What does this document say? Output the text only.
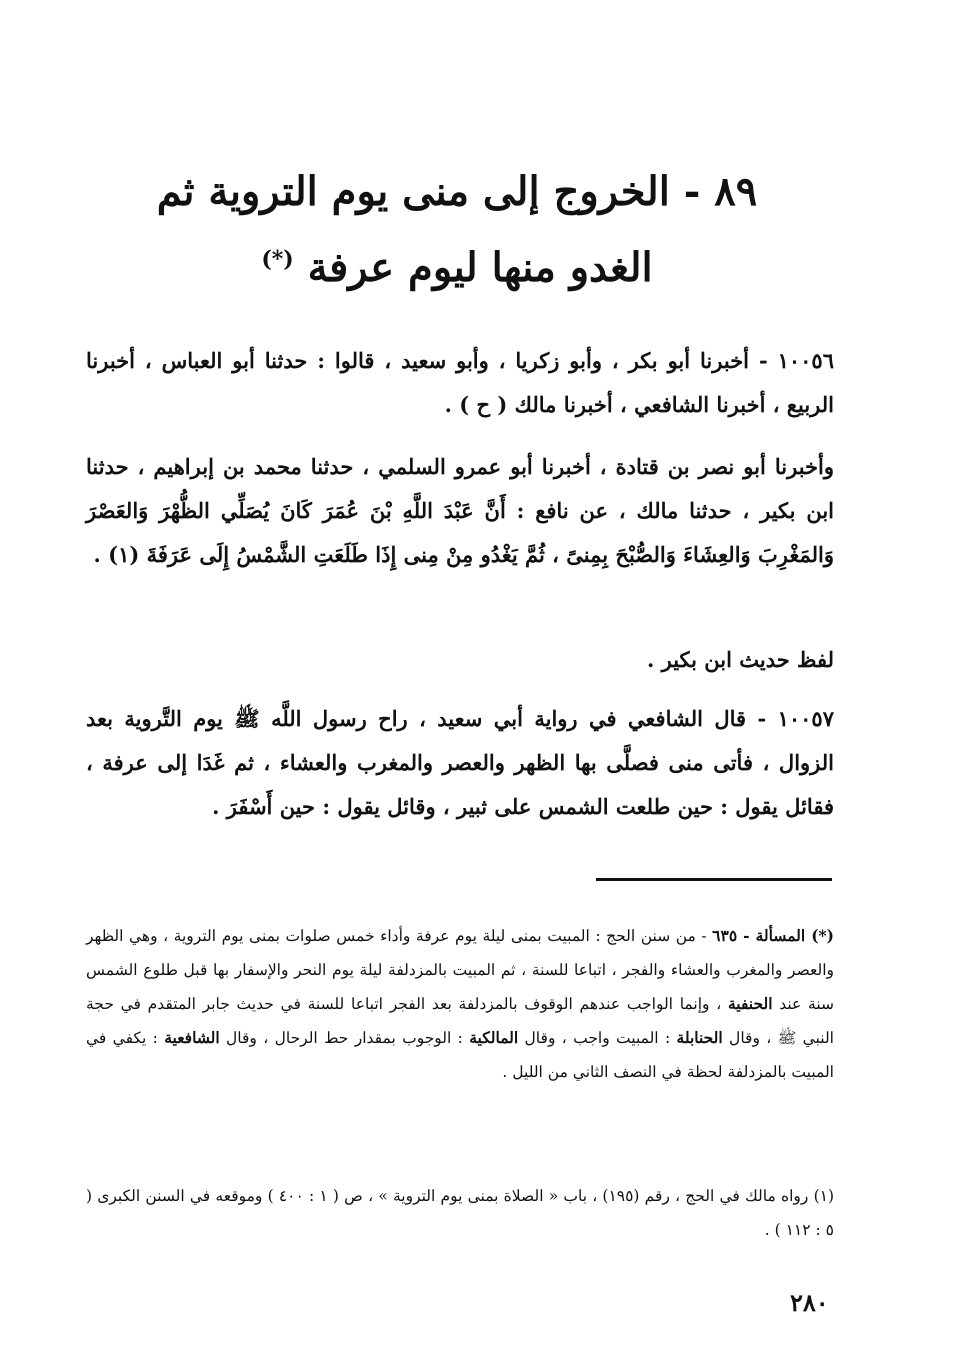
٨٩ - الخروج إلى منى يوم التروية ثم
الغدو منها ليوم عرفة (*)

١٠٠٥٦ - أخبرنا أبو بكر ، وأبو زكريا ، وأبو سعيد ، قالوا : حدثنا أبو العباس ، أخبرنا الربيع ، أخبرنا الشافعي ، أخبرنا مالك ( ح ) .

وأخبرنا أبو نصر بن قتادة ، أخبرنا أبو عمرو السلمي ، حدثنا محمد بن إبراهيم ، حدثنا ابن بكير ، حدثنا مالك ، عن نافع : أَنَّ عَبْدَ اللَّهِ بْنَ عُمَرَ كَانَ يُصَلِّي الظُّهْرَ وَالعَصْرَ وَالمَغْرِبَ وَالعِشَاءَ وَالصُّبْحَ بِمِنىً ، ثُمَّ يَغْدُو مِنْ مِنى إِذَا طَلَعَتِ الشَّمْسُ إِلَى عَرَفَةَ (١) .

لفظ حديث ابن بكير .

١٠٠٥٧ - قال الشافعي في رواية أبي سعيد ، راح رسول اللَّه ﷺ يوم التَّروية بعد الزوال ، فأتى منى فصلَّى بها الظهر والعصر والمغرب والعشاء ، ثم غَدَا إلى عرفة ، فقائل يقول : حين طلعت الشمس على ثبير ، وقائل يقول : حين أَسْفَرَ .

(*) المسألة - ٦٣٥ - من سنن الحج : المبيت بمنى ليلة يوم عرفة وأداء خمس صلوات بمنى يوم التروية ، وهي الظهر والعصر والمغرب والعشاء والفجر ، اتباعا للسنة ، ثم المبيت بالمزدلفة ليلة يوم النحر والإسفار بها قبل طلوع الشمس سنة عند الحنفية ، وإنما الواجب عندهم الوقوف بالمزدلفة بعد الفجر اتباعا للسنة في حديث جابر المتقدم في حجة النبي ﷺ ، وقال الحنابلة : المبيت واجب ، وقال المالكية : الوجوب بمقدار حط الرحال ، وقال الشافعية : يكفي في المبيت بالمزدلفة لحظة في النصف الثاني من الليل .

(١) رواه مالك في الحج ، رقم (١٩٥) ، باب « الصلاة بمنى يوم التروية » ، ص ( ١ : ٤٠٠ ) وموقعه في السنن الكبرى ( ٥ : ١١٢ ) .

٢٨٠
